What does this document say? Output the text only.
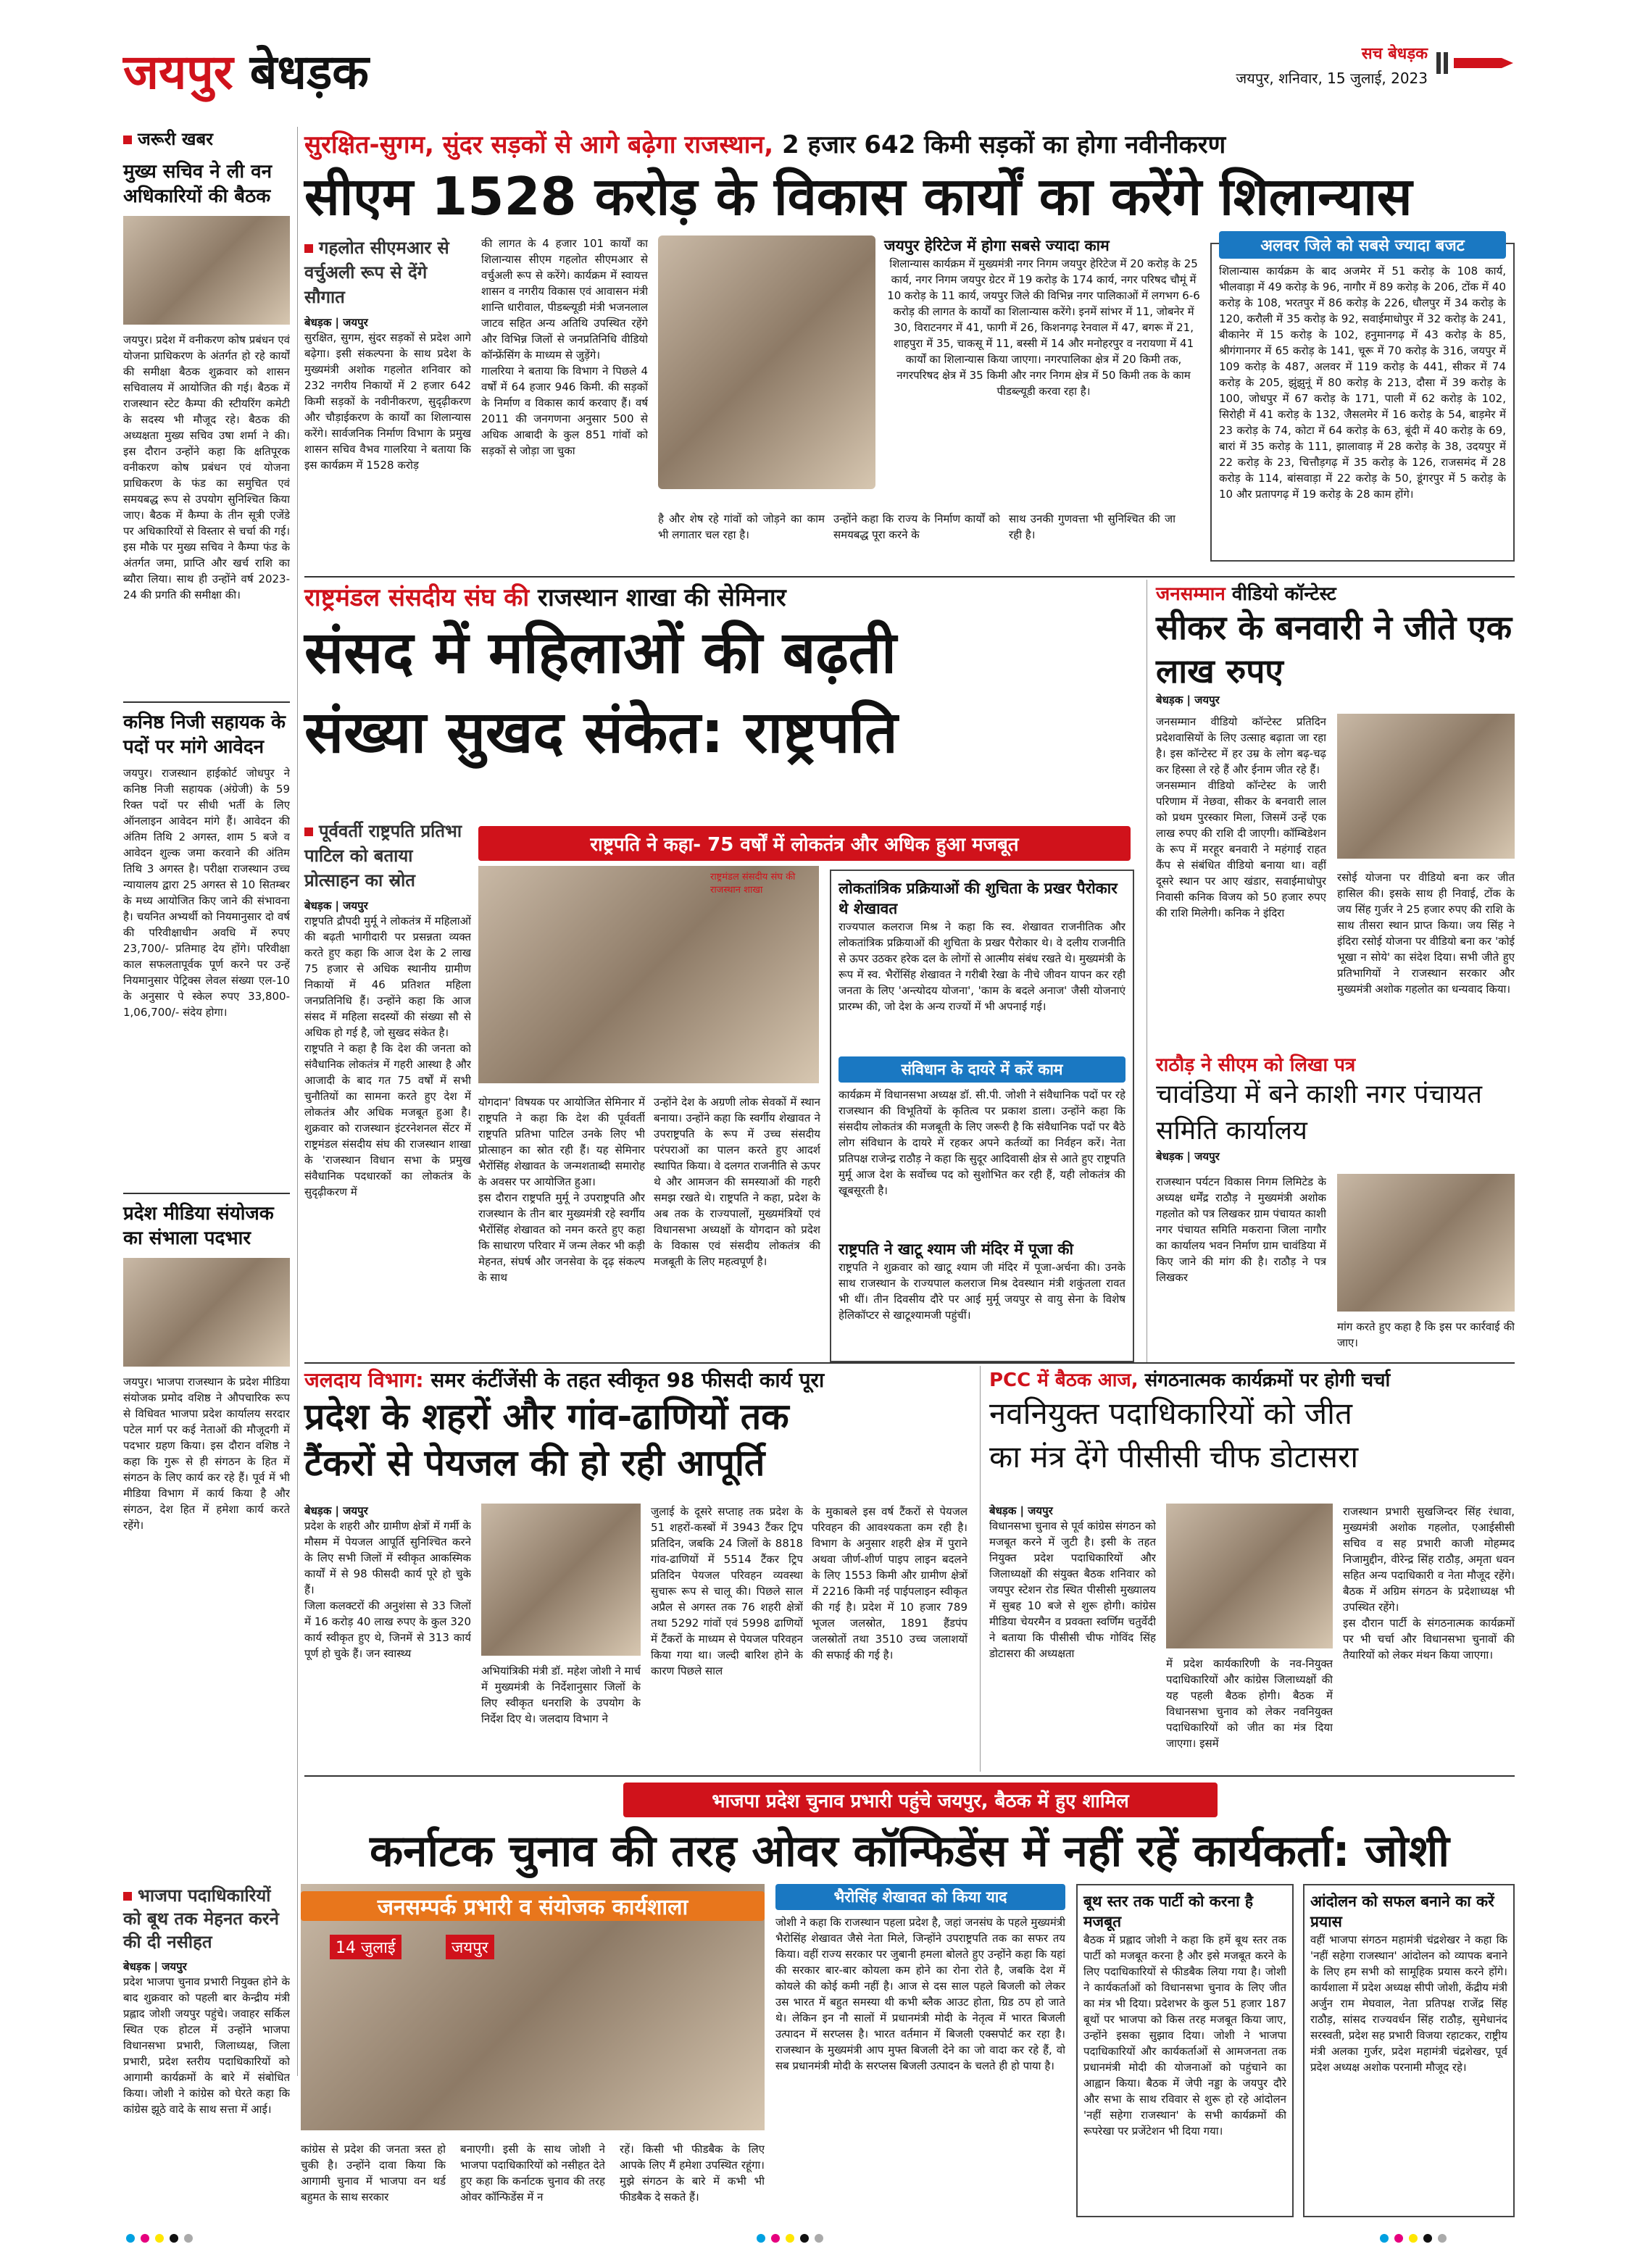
जयपुर बेधड़क	सच बेधड़क
जयपुर, शनिवार, 15 जुलाई, 2023
जरूरी खबर
मुख्य सचिव ने ली वन अधिकारियों की बैठक
जयपुर। प्रदेश में वनीकरण कोष प्रबंधन एवं योजना प्राधिकरण के अंतर्गत हो रहे कार्यों की समीक्षा बैठक शुक्रवार को शासन सचिवालय में आयोजित की गई। बैठक में राजस्थान स्टेट कैम्पा की स्टीयरिंग कमेटी के सदस्य भी मौजूद रहे। बैठक की अध्यक्षता मुख्य सचिव उषा शर्मा ने की। इस दौरान उन्होंने कहा कि क्षतिपूरक वनीकरण कोष प्रबंधन एवं योजना प्राधिकरण के फंड का समुचित एवं समयबद्ध रूप से उपयोग सुनिश्चित किया जाए। बैठक में कैम्पा के तीन सूत्री एजेंडे पर अधिकारियों से विस्तार से चर्चा की गई। इस मौके पर मुख्य सचिव ने कैम्पा फंड के अंतर्गत जमा, प्राप्ति और खर्च राशि का ब्यौरा लिया। साथ ही उन्होंने वर्ष 2023-24 की प्रगति की समीक्षा की।
कनिष्ठ निजी सहायक के पदों पर मांगे आवेदन
जयपुर। राजस्थान हाईकोर्ट जोधपुर ने कनिष्ठ निजी सहायक (अंग्रेजी) के 59 रिक्त पदों पर सीधी भर्ती के लिए ऑनलाइन आवेदन मांगे हैं। आवेदन की अंतिम तिथि 2 अगस्त, शाम 5 बजे व आवेदन शुल्क जमा करवाने की अंतिम तिथि 3 अगस्त है। परीक्षा राजस्थान उच्च न्यायालय द्वारा 25 अगस्त से 10 सितम्बर के मध्य आयोजित किए जाने की संभावना है। चयनित अभ्यर्थी को नियमानुसार दो वर्ष की परिवीक्षाधीन अवधि में रुपए 23,700/- प्रतिमाह देय होंगे। परिवीक्षा काल सफलतापूर्वक पूर्ण करने पर उन्हें नियमानुसार पे‍ट्रिक्स लेवल संख्या एल-10 के अनुसार पे स्केल रुपए 33,800-1,06,700/- संदेय होगा।
प्रदेश मीडिया संयोजक का संभाला पदभार
जयपुर। भाजपा राजस्थान के प्रदेश मीडिया संयोजक प्रमोद वशिष्ठ ने औपचारिक रूप से विधिवत भाजपा प्रदेश कार्यालय सरदार पटेल मार्ग पर कई नेताओं की मौजूदगी में पदभार ग्रहण किया। इस दौरान वशिष्ठ ने कहा कि गुरू से ही संगठन के हित में संगठन के लिए कार्य कर रहे हैं। पूर्व में भी मीडिया विभाग में कार्य किया है और संगठन, देश हित में हमेशा कार्य करते रहेंगे।
सुरक्षित-सुगम, सुंदर सड़कों से आगे बढ़ेगा राजस्थान, 2 हजार 642 किमी सड़कों का होगा नवीनीकरण
सीएम 1528 करोड़ के विकास कार्यों का करेंगे शिलान्यास
गहलोत सीएमआर से वर्चुअली रूप से देंगे सौगात
बेधड़क | जयपुर
सुरक्षित, सुगम, सुंदर सड़कों से प्रदेश आगे बढ़ेगा। इसी संकल्पना के साथ प्रदेश के मुख्यमंत्री अशोक गहलोत शनिवार को 232 नगरीय निकायों में 2 हजार 642 किमी सड़कों के नवीनीकरण, सुदृढ़ीकरण और चौड़ाईकरण के कार्यों का शिलान्यास करेंगे। सार्वजनिक निर्माण विभाग के प्रमुख शासन सचिव वैभव गालरिया ने बताया कि इस कार्यक्रम में 1528 करोड़
की लागत के 4 हजार 101 कार्यों का शिलान्यास सीएम गहलोत सीएमआर से वर्चुअली रूप से करेंगे। कार्यक्रम में स्वायत्त शासन व नगरीय विकास एवं आवासन मंत्री शान्ति धारीवाल, पीडब्ल्यूडी मंत्री भजनलाल जाटव सहित अन्य अतिथि उपस्थित रहेंगे और विभिन्न जिलों से जनप्रतिनिधि वीडियो कॉन्फ्रेंसिंग के माध्यम से जुड़ेंगे।
गालरिया ने बताया कि विभाग ने पिछले 4 वर्षों में 64 हजार 946 किमी. की सड़कों के निर्माण व विकास कार्य करवाए हैं। वर्ष 2011 की जनगणना अनुसार 500 से अधिक आबादी के कुल 851 गांवों को सड़कों से जोड़ा जा चुका
जयपुर हेरिटेज में होगा सबसे ज्यादा काम
शिलान्यास कार्यक्रम में मुख्यमंत्री नगर निगम जयपुर हेरिटेज में 20 करोड़ के 25 कार्य, नगर निगम जयपुर ग्रेटर में 19 करोड़ के 174 कार्य, नगर परिषद चौमूं में 10 करोड़ के 11 कार्य, जयपुर जिले की विभिन्न नगर पालिकाओं में लगभग 6-6 करोड़ की लागत के कार्यों का शिलान्यास करेंगे। इनमें सांभर में 11, जोबनेर में 30, विराटनगर में 41, फागी में 26, किशनगढ़ रेनवाल में 47, बगरू में 21, शाहपुरा में 35, चाकसू में 11, बस्सी में 14 और मनोहरपुर व नरायणा में 41 कार्यों का शिलान्यास किया जाएगा। नगरपालिका क्षेत्र में 20 किमी तक, नगरपरिषद क्षेत्र में 35 किमी और नगर निगम क्षेत्र में 50 किमी तक के काम पीडब्ल्यूडी करवा रहा है।
है और शेष रहे गांवों को जोड़ने का काम भी लगातार चल रहा है।
उन्होंने कहा कि राज्य के निर्माण कार्यों को समयबद्ध पूरा करने के
साथ उनकी गुणवत्ता भी सुनिश्चित की जा रही है।
अलवर जिले को सबसे ज्यादा बजट
शिलान्यास कार्यक्रम के बाद अजमेर में 51 करोड़ के 108 कार्य, भीलवाड़ा में 49 करोड़ के 96, नागौर में 89 करोड़ के 206, टोंक में 40 करोड़ के 108, भरतपुर में 86 करोड़ के 226, धौलपुर में 34 करोड़ के 120, करौली में 35 करोड़ के 92, सवाईमाधोपुर में 32 करोड़ के 241, बीकानेर में 15 करोड़ के 102, हनुमानगढ़ में 43 करोड़ के 85, श्रीगंगानगर में 65 करोड़ के 141, चूरू में 70 करोड़ के 316, जयपुर में 109 करोड़ के 487, अलवर में 119 करोड़ के 441, सीकर में 74 करोड़ के 205, झुंझुनूं में 80 करोड़ के 213, दौसा में 39 करोड़ के 100, जोधपुर में 67 करोड़ के 171, पाली में 62 करोड़ के 102, सिरोही में 41 करोड़ के 132, जैसलमेर में 16 करोड़ के 54, बाड़मेर में 23 करोड़ के 74, कोटा में 64 करोड़ के 63, बूंदी में 40 करोड़ के 69, बारां में 35 करोड़ के 111, झालावाड़ में 28 करोड़ के 38, उदयपुर में 22 करोड़ के 23, चित्तौड़गढ़ में 35 करोड़ के 126, राजसमंद में 28 करोड़ के 114, बांसवाड़ा में 22 करोड़ के 50, डूंगरपुर में 5 करोड़ के 10 और प्रतापगढ़ में 19 करोड़ के 28 काम होंगे।
राष्ट्रमंडल संसदीय संघ की राजस्थान शाखा की सेमिनार
संसद में महिलाओं की बढ़ती
संख्या सुखद संकेत: राष्ट्रपति
पूर्ववर्ती राष्ट्रपति प्रतिभा पाटिल को बताया प्रोत्साहन का स्रोत
बेधड़क | जयपुर
राष्ट्रपति द्रौपदी मुर्मू ने लोकतंत्र में महिलाओं की बढ़ती भागीदारी पर प्रसन्नता व्यक्त करते हुए कहा कि आज देश के 2 लाख 75 हजार से अधिक स्थानीय ग्रामीण निकायों में 46 प्रतिशत महिला जनप्रतिनिधि हैं। उन्होंने कहा कि आज संसद में महिला सदस्यों की संख्या सौ से अधिक हो गई है, जो सुखद संकेत है।
राष्ट्रपति ने कहा है कि देश की जनता को संवैधानिक लोकतंत्र में गहरी आस्था है और आजादी के बाद गत 75 वर्षों में सभी चुनौतियों का सामना करते हुए देश में लोकतंत्र और अधिक मजबूत हुआ है। शुक्रवार को राजस्थान इंटरनेशनल सेंटर में राष्ट्रमंडल संसदीय संघ की राजस्थान शाखा के 'राजस्थान विधान सभा के प्रमुख संवैधानिक पदधारकों का लोकतंत्र के सुदृढ़ीकरण में
राष्ट्रपति ने कहा- 75 वर्षों में लोकतंत्र और अधिक हुआ मजबूत
राष्ट्रमंडल संसदीय संघ की राजस्थान शाखा
योगदान' विषयक पर आयोजित सेमिनार में राष्ट्रपति ने कहा कि देश की पूर्ववर्ती राष्ट्रपति प्रतिभा पाटिल उनके लिए भी प्रोत्साहन का स्रोत रही हैं। यह सेमिनार भैरोंसिंह शेखावत के जन्मशताब्दी समारोह के अवसर पर आयोजित हुआ।
इस दौरान राष्ट्रपति मुर्मू ने उपराष्ट्रपति और राजस्थान के तीन बार मुख्यमंत्री रहे स्वर्गीय भैरोंसिंह शेखावत को नमन करते हुए कहा कि साधारण परिवार में जन्म लेकर भी कड़ी मेहनत, संघर्ष और जनसेवा के दृढ़ संकल्प के साथ
उन्होंने देश के अग्रणी लोक सेवकों में स्थान बनाया। उन्होंने कहा कि स्वर्गीय शेखावत ने उपराष्ट्रपति के रूप में उच्च संसदीय परंपराओं का पालन करते हुए आदर्श स्थापित किया। वे दलगत राजनीति से ऊपर थे और आमजन की समस्याओं की गहरी समझ रखते थे। राष्ट्रपति ने कहा, प्रदेश के अब तक के राज्यपालों, मुख्यमंत्रियों एवं विधानसभा अध्यक्षों के योगदान को प्रदेश के विकास एवं संसदीय लोकतंत्र की मजबूती के लिए महत्वपूर्ण है।
लोकतांत्रिक प्रक्रियाओं की शुचिता के प्रखर पैरोकार थे शेखावत
राज्यपाल कलराज मिश्र ने कहा कि स्व. शेखावत राजनीतिक और लोकतांत्रिक प्रक्रियाओं की शुचिता के प्रखर पैरोकार थे। वे दलीय राजनीति से ऊपर उठकर हरेक दल के लोगों से आत्मीय संबंध रखते थे। मुख्यमंत्री के रूप में स्व. भैरोंसिंह शेखावत ने गरीबी रेखा के नीचे जीवन यापन कर रही जनता के लिए 'अन्त्योदय योजना', 'काम के बदले अनाज' जैसी योजनाएं प्रारम्भ की, जो देश के अन्य राज्यों में भी अपनाई गई।
संविधान के दायरे में करें काम
कार्यक्रम में विधानसभा अध्यक्ष डॉ. सी.पी. जोशी ने संवैधानिक पदों पर रहे राजस्थान की विभूतियों के कृतित्व पर प्रकाश डाला। उन्होंने कहा कि संसदीय लोकतंत्र की मजबूती के लिए जरूरी है कि संवैधानिक पदों पर बैठे लोग संविधान के दायरे में रहकर अपने कर्तव्यों का निर्वहन करें। नेता प्रतिपक्ष राजेन्द्र राठौड़ ने कहा कि सुदूर आदिवासी क्षेत्र से आते हुए राष्ट्रपति मुर्मू आज देश के सर्वोच्च पद को सुशोभित कर रही हैं, यही लोकतंत्र की खूबसूरती है।
राष्ट्रपति ने खाटू श्याम जी मंदिर में पूजा की
राष्ट्रपति ने शुक्रवार को खाटू श्याम जी मंदिर में पूजा-अर्चना की। उनके साथ राजस्थान के राज्यपाल कलराज मिश्र देवस्थान मंत्री शकुंतला रावत भी थीं। तीन दिवसीय दौरे पर आई मुर्मू जयपुर से वायु सेना के विशेष हेलिकॉप्टर से खाटूश्यामजी पहुंचीं।
जनसम्मान वीडियो कॉन्टेस्ट
सीकर के बनवारी ने जीते एक लाख रुपए
बेधड़क | जयपुर
जनसम्मान वीडियो कॉन्टेस्ट प्रतिदिन प्रदेशवासियों के लिए उत्साह बढ़ाता जा रहा है। इस कॉन्टेस्ट में हर उम्र के लोग बढ़-चढ़ कर हिस्सा ले रहे हैं और ईनाम जीत रहे हैं।
जनसम्मान वीडियो कॉन्टेस्ट के जारी परिणाम में नेछवा, सीकर के बनवारी लाल को प्रथम पुरस्कार मिला, जिसमें उन्हें एक लाख रुपए की राशि दी जाएगी। कॉम्बिडेशन के रूप में मरहूर बनवारी ने महंगाई राहत कैंप से संबंधित वीडियो बनाया था। वहीं दूसरे स्थान पर आए खंडार, सवाईमाधोपुर निवासी कनिक विजय को 50 हजार रुपए की राशि मिलेगी। कनिक ने इंदिरा
रसोई योजना पर वीडियो बना कर जीत हासिल की। इसके साथ ही निवाई, टोंक के जय सिंह गुर्जर ने 25 हजार रुपए की राशि के साथ तीसरा स्थान प्राप्त किया। जय सिंह ने इंदिरा रसोई योजना पर वीडियो बना कर 'कोई भूखा न सोये' का संदेश दिया। सभी जीते हुए प्रतिभागियों ने राजस्थान सरकार और मुख्यमंत्री अशोक गहलोत का धन्यवाद किया।
राठौड़ ने सीएम को लिखा पत्र
चावंडिया में बने काशी नगर पंचायत समिति कार्यालय
बेधड़क | जयपुर
राजस्थान पर्यटन विकास निगम लिमिटेड के अध्यक्ष धर्मेंद्र राठौड़ ने मुख्यमंत्री अशोक गहलोत को पत्र लिखकर ग्राम पंचायत काशी नगर पंचायत समिति मकराना जिला नागौर का कार्यालय भवन निर्माण ग्राम चावंडिया में किए जाने की मांग की है। राठौड़ ने पत्र लिखकर
मांग करते हुए कहा है कि इस पर कार्रवाई की जाए।
जलदाय विभाग: समर कंटींजेंसी के तहत स्वीकृत 98 फीसदी कार्य पूरा
प्रदेश के शहरों और गांव-ढाणियों तक
टैंकरों से पेयजल की हो रही आपूर्ति
बेधड़क | जयपुर
प्रदेश के शहरी और ग्रामीण क्षेत्रों में गर्मी के मौसम में पेयजल आपूर्ति सुनिश्चित करने के लिए सभी जिलों में स्वीकृत आकस्मिक कार्यों में से 98 फीसदी कार्य पूरे हो चुके हैं।
जिला कलक्टरों की अनुशंसा से 33 जिलों में 16 करोड़ 40 लाख रुपए के कुल 320 कार्य स्वीकृत हुए थे, जिनमें से 313 कार्य पूर्ण हो चुके हैं। जन स्वास्थ्य
अभियांत्रिकी मंत्री डॉ. महेश जोशी ने मार्च में मुख्यमंत्री के निर्देशानुसार जिलों के लिए स्वीकृत धनराशि के उपयोग के निर्देश दिए थे। जलदाय विभाग ने
जुलाई के दूसरे सप्ताह तक प्रदेश के 51 शहरों-कस्बों में 3943 टैंकर ट्रिप प्रतिदिन, जबकि 24 जिलों के 8818 गांव-ढाणियों में 5514 टैंकर ट्रिप प्रतिदिन पेयजल परिवहन व्यवस्था सुचारू रूप से चालू की। पिछले साल अप्रैल से अगस्त तक 76 शहरी क्षेत्रों तथा 5292 गांवों एवं 5998 ढाणियों में टैंकरों के माध्यम से पेयजल परिवहन किया गया था। जल्दी बारिश होने के कारण पिछले साल
के मुकाबले इस वर्ष टैंकरों से पेयजल परिवहन की आवश्यकता कम रही है। विभाग के अनुसार शहरी क्षेत्र में पुराने अथवा जीर्ण-शीर्ण पाइप लाइन बदलने के लिए 1553 किमी और ग्रामीण क्षेत्रों में 2216 किमी नई पाईपलाइन स्वीकृत की गई है। प्रदेश में 10 हजार 789 भूजल जलस्रोत, 1891 हैंडपंप जलस्रोतों तथा 3510 उच्च जलाशयों की सफाई की गई है।
PCC में बैठक आज, संगठनात्मक कार्यक्रमों पर होगी चर्चा
नवनियुक्त पदाधिकारियों को जीत
का मंत्र देंगे पीसीसी चीफ डोटासरा
बेधड़क | जयपुर
विधानसभा चुनाव से पूर्व कांग्रेस संगठन को मजबूत करने में जुटी है। इसी के तहत नियुक्त प्रदेश पदाधिकारियों और जिलाध्यक्षों की संयुक्त बैठक शनिवार को जयपुर स्टेशन रोड स्थित पीसीसी मुख्यालय में सुबह 10 बजे से शुरू होगी। कांग्रेस मीडिया चेयरमैन व प्रवक्ता स्वर्णिम चतुर्वेदी ने बताया कि पीसीसी चीफ गोविंद सिंह डोटासरा की अध्यक्षता
में प्रदेश कार्यकारिणी के नव-नियुक्त पदाधिकारियों और कांग्रेस जिलाध्यक्षों की यह पहली बैठक होगी। बैठक में विधानसभा चुनाव को लेकर नवनियुक्त पदाधिकारियों को जीत का मंत्र दिया जाएगा। इसमें
राजस्थान प्रभारी सुखजिन्दर सिंह रंधावा, मुख्यमंत्री अशोक गहलोत, एआईसीसी सचिव व सह प्रभारी काजी मोहम्मद निजामुद्दीन, वीरेन्द्र सिंह राठौड़, अमृता धवन सहित अन्य पदाधिकारी व नेता मौजूद रहेंगे। बैठक में अग्रिम संगठन के प्रदेशाध्यक्ष भी उपस्थित रहेंगे।
इस दौरान पार्टी के संगठनात्मक कार्यक्रमों पर भी चर्चा और विधानसभा चुनावों की तैयारियों को लेकर मंथन किया जाएगा।
भाजपा प्रदेश चुनाव प्रभारी पहुंचे जयपुर, बैठक में हुए शामिल
कर्नाटक चुनाव की तरह ओवर कॉन्फिडेंस में नहीं रहें कार्यकर्ता: जोशी
भाजपा पदाधिकारियों को बूथ तक मेहनत करने की दी नसीहत
बेधड़क | जयपुर
प्रदेश भाजपा चुनाव प्रभारी नियुक्त होने के बाद शुक्रवार को पहली बार केन्द्रीय मंत्री प्रह्लाद जोशी जयपुर पहुंचे। जवाहर सर्किल स्थित एक होटल में उन्होंने भाजपा विधानसभा प्रभारी, जिलाध्यक्ष, जिला प्रभारी, प्रदेश स्तरीय पदाधिकारियों को आगामी कार्यक्रमों के बारे में संबोधित किया। जोशी ने कांग्रेस को घेरते कहा कि कांग्रेस झूठे वादे के साथ सत्ता में आई।
जनसम्पर्क प्रभारी व संयोजक कार्यशाला
14 जुलाई	जयपुर
कांग्रेस से प्रदेश की जनता त्रस्त हो चुकी है। उन्होंने दावा किया कि आगामी चुनाव में भाजपा वन थर्ड बहुमत के साथ सरकार
बनाएगी। इसी के साथ जोशी ने भाजपा पदाधिकारियों को नसीहत देते हुए कहा कि कर्नाटक चुनाव की तरह ओवर कॉन्फिडेंस में न
रहें। किसी भी फीडबैक के लिए आपके लिए मैं हमेशा उपस्थित रहूंगा। मुझे संगठन के बारे में कभी भी फीडबैक दे सकते हैं।
भैरोसिंह शेखावत को किया याद
जोशी ने कहा कि राजस्थान पहला प्रदेश है, जहां जनसंघ के पहले मुख्यमंत्री भैरोसिंह शेखावत जैसे नेता मिले, जिन्होंने उपराष्ट्रपति तक का सफर तय किया। वहीं राज्य सरकार पर जुबानी हमला बोलते हुए उन्होंने कहा कि यहां की सरकार बार-बार कोयला कम होने का रोना रोते है, जबकि देश में कोयले की कोई कमी नहीं है। आज से दस साल पहले बिजली को लेकर उस भारत में बहुत समस्या थी कभी ब्लैक आउट होता, ग्रिड ठप हो जाते थे। लेकिन इन नौ सालों में प्रधानमंत्री मोदी के नेतृत्व में भारत बिजली उत्पादन में सरप्लस है। भारत वर्तमान में बिजली एक्सपोर्ट कर रहा है। राजस्थान के मुख्यमंत्री आप मुफ्त बिजली देने का जो वादा कर रहे हैं, वो सब प्रधानमंत्री मोदी के सरप्लस बिजली उत्पादन के चलते ही हो पाया है।
बूथ स्तर तक पार्टी को करना है मजबूत
बैठक में प्रह्लाद जोशी ने कहा कि हमें बूथ स्तर तक पार्टी को मजबूत करना है और इसे मजबूत करने के लिए पदाधिकारियों से फीडबैक लिया गया है। जोशी ने कार्यकर्ताओं को विधानसभा चुनाव के लिए जीत का मंत्र भी दिया। प्रदेशभर के कुल 51 हजार 187 बूथों पर भाजपा को किस तरह मजबूत किया जाए, उन्होंने इसका सुझाव दिया। जोशी ने भाजपा पदाधिकारियों और कार्यकर्ताओं से आमजनता तक प्रधानमंत्री मोदी की योजनाओं को पहुंचाने का आह्वान किया। बैठक में जेपी नड्डा के जयपुर दौरे और सभा के साथ रविवार से शुरू हो रहे आंदोलन 'नहीं सहेगा राजस्थान' के सभी कार्यक्रमों की रूपरेखा पर प्रजेंटेशन भी दिया गया।
आंदोलन को सफल बनाने का करें प्रयास
वहीं भाजपा संगठन महामंत्री चंद्रशेखर ने कहा कि 'नहीं सहेगा राजस्थान' आंदोलन को व्यापक बनाने के लिए हम सभी को सामूहिक प्रयास करने होंगे। कार्यशाला में प्रदेश अध्यक्ष सीपी जोशी, केंद्रीय मंत्री अर्जुन राम मेघवाल, नेता प्रतिपक्ष राजेंद्र सिंह राठौड़, सांसद राज्यवर्धन सिंह राठौड़, सुमेधानंद सरस्वती, प्रदेश सह प्रभारी विजया रहाटकर, राष्ट्रीय मंत्री अलका गुर्जर, प्रदेश महामंत्री चंद्रशेखर, पूर्व प्रदेश अध्यक्ष अशोक परनामी मौजूद रहे।
